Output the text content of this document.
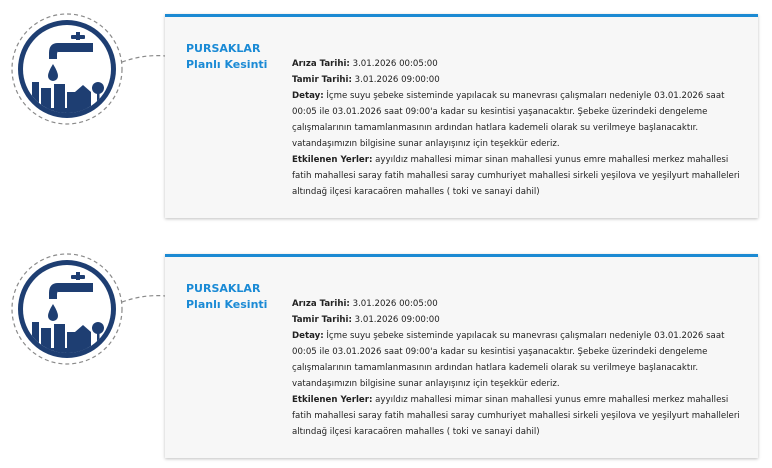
PURSAKLAR
Planlı Kesinti	Arıza Tarihi: 3.01.2026 00:05:00

Tamir Tarihi: 3.01.2026 09:00:00

Detay: İçme suyu şebeke sisteminde yapılacak su manevrası çalışmaları nedeniyle 03.01.2026 saat 00:05 ile 03.01.2026 saat 09:00'a kadar su kesintisi yaşanacaktır. Şebeke üzerindeki dengeleme çalışmalarının tamamlanmasının ardından hatlara kademeli olarak su verilmeye başlanacaktır. vatandaşımızın bilgisine sunar anlayışınız için teşekkür ederiz.

Etkilenen Yerler: ayyıldız mahallesi mimar sinan mahallesi yunus emre mahallesi merkez mahallesi fatih mahallesi saray fatih mahallesi saray cumhuriyet mahallesi sirkeli yeşilova ve yeşilyurt mahalleleri altındağ ilçesi karacaören mahalles ( toki ve sanayi dahil)

PURSAKLAR
Planlı Kesinti	Arıza Tarihi: 3.01.2026 00:05:00

Tamir Tarihi: 3.01.2026 09:00:00

Detay: İçme suyu şebeke sisteminde yapılacak su manevrası çalışmaları nedeniyle 03.01.2026 saat 00:05 ile 03.01.2026 saat 09:00'a kadar su kesintisi yaşanacaktır. Şebeke üzerindeki dengeleme çalışmalarının tamamlanmasının ardından hatlara kademeli olarak su verilmeye başlanacaktır. vatandaşımızın bilgisine sunar anlayışınız için teşekkür ederiz.

Etkilenen Yerler: ayyıldız mahallesi mimar sinan mahallesi yunus emre mahallesi merkez mahallesi fatih mahallesi saray fatih mahallesi saray cumhuriyet mahallesi sirkeli yeşilova ve yeşilyurt mahalleleri altındağ ilçesi karacaören mahalles ( toki ve sanayi dahil)
